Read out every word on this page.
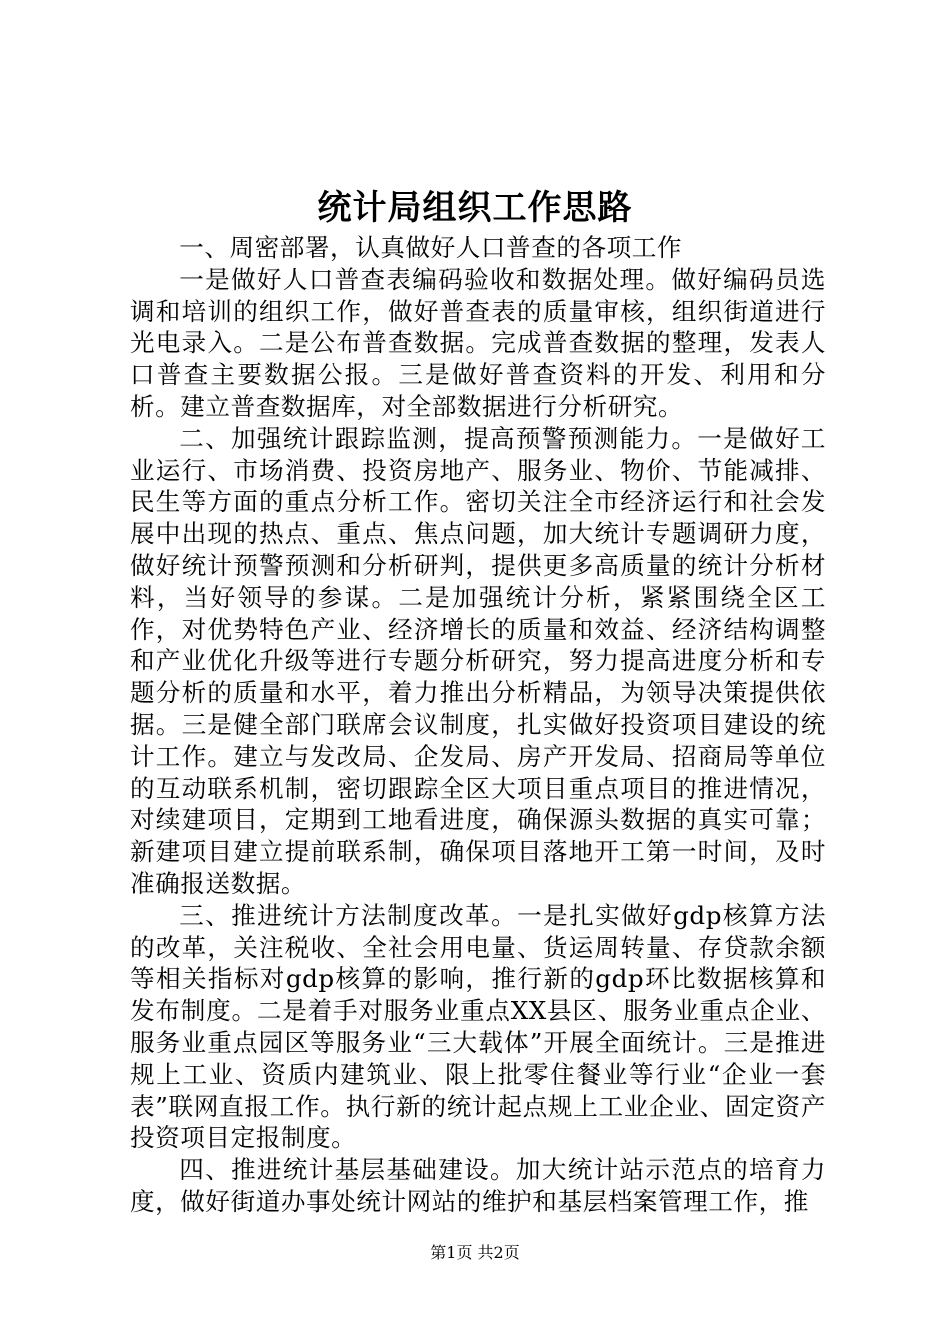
统计局组织工作思路

一、周密部署，认真做好人口普查的各项工作

一是做好人口普查表编码验收和数据处理。做好编码员选调和培训的组织工作，做好普查表的质量审核，组织街道进行光电录入。二是公布普查数据。完成普查数据的整理，发表人口普查主要数据公报。三是做好普查资料的开发、利用和分析。建立普查数据库，对全部数据进行分析研究。

二、加强统计跟踪监测，提高预警预测能力。一是做好工业运行、市场消费、投资房地产、服务业、物价、节能减排、民生等方面的重点分析工作。密切关注全市经济运行和社会发展中出现的热点、重点、焦点问题，加大统计专题调研力度，做好统计预警预测和分析研判，提供更多高质量的统计分析材料，当好领导的参谋。二是加强统计分析，紧紧围绕全区工作，对优势特色产业、经济增长的质量和效益、经济结构调整和产业优化升级等进行专题分析研究，努力提高进度分析和专题分析的质量和水平，着力推出分析精品，为领导决策提供依据。三是健全部门联席会议制度，扎实做好投资项目建设的统计工作。建立与发改局、企发局、房产开发局、招商局等单位的互动联系机制，密切跟踪全区大项目重点项目的推进情况，对续建项目，定期到工地看进度，确保源头数据的真实可靠；新建项目建立提前联系制，确保项目落地开工第一时间，及时准确报送数据。

三、推进统计方法制度改革。一是扎实做好gdp核算方法的改革，关注税收、全社会用电量、货运周转量、存贷款余额等相关指标对gdp核算的影响，推行新的gdp环比数据核算和发布制度。二是着手对服务业重点XX县区、服务业重点企业、服务业重点园区等服务业“三大载体”开展全面统计。三是推进规上工业、资质内建筑业、限上批零住餐业等行业“企业一套表”联网直报工作。执行新的统计起点规上工业企业、固定资产投资项目定报制度。

四、推进统计基层基础建设。加大统计站示范点的培育力度，做好街道办事处统计网站的维护和基层档案管理工作，推

第1页 共2页
